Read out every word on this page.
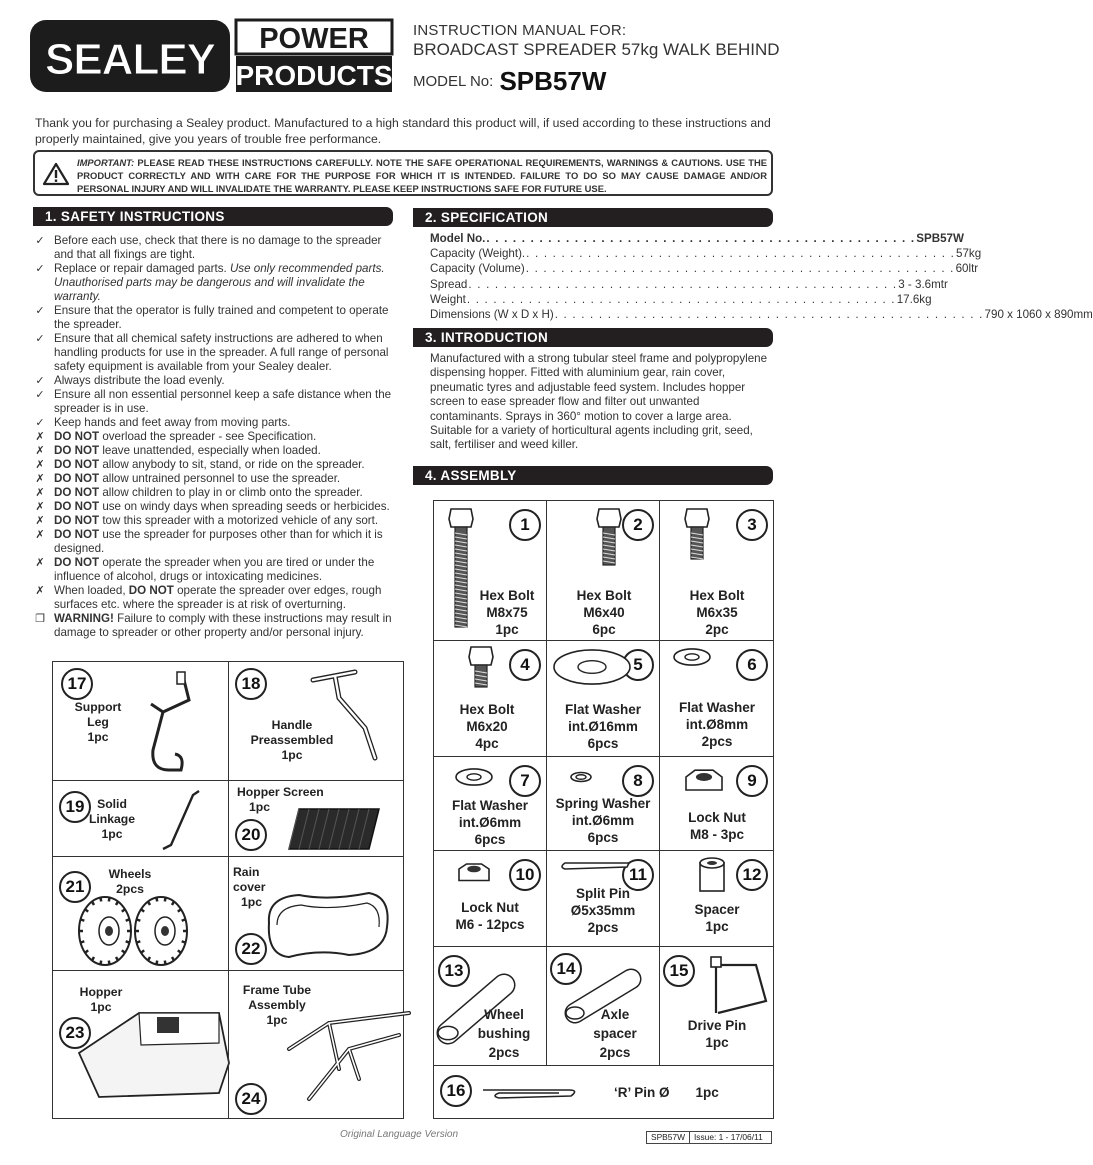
SEALEY POWER
PRODUCTS
INSTRUCTION MANUAL FOR:
BROADCAST SPREADER 57kg WALK BEHIND
MODEL No: SPB57W
Thank you for purchasing a Sealey product. Manufactured to a high standard this product will, if used according to these instructions and properly maintained, give you years of trouble free performance.
IMPORTANT: PLEASE READ THESE INSTRUCTIONS CAREFULLY. NOTE THE SAFE OPERATIONAL REQUIREMENTS, WARNINGS & CAUTIONS. USE THE PRODUCT CORRECTLY AND WITH CARE FOR THE PURPOSE FOR WHICH IT IS INTENDED. FAILURE TO DO SO MAY CAUSE DAMAGE AND/OR PERSONAL INJURY AND WILL INVALIDATE THE WARRANTY. PLEASE KEEP INSTRUCTIONS SAFE FOR FUTURE USE.
1. SAFETY INSTRUCTIONS	2. SPECIFICATION
3. INTRODUCTION
4. ASSEMBLY
✓ Before each use, check that there is no damage to the spreader and that all fixings are tight.
✓ Replace or repair damaged parts. Use only recommended parts. Unauthorised parts may be dangerous and will invalidate the warranty.
✓ Ensure that the operator is fully trained and competent to operate the spreader.
✓ Ensure that all chemical safety instructions are adhered to when handling products for use in the spreader. A full range of personal safety equipment is available from your Sealey dealer.
✓ Always distribute the load evenly.
✓ Ensure all non essential personnel keep a safe distance when the spreader is in use.
✓ Keep hands and feet away from moving parts.
✗ DO NOT overload the spreader - see Specification.
✗ DO NOT leave unattended, especially when loaded.
✗ DO NOT allow anybody to sit, stand, or ride on the spreader.
✗ DO NOT allow untrained personnel to use the spreader.
✗ DO NOT allow children to play in or climb onto the spreader.
✗ DO NOT use on windy days when spreading seeds or herbicides.
✗ DO NOT tow this spreader with a motorized vehicle of any sort.
✗ DO NOT use the spreader for purposes other than for which it is designed.
✗ DO NOT operate the spreader when you are tired or under the influence of alcohol, drugs or intoxicating medicines.
✗ When loaded, DO NOT operate the spreader over edges, rough surfaces etc. where the spreader is at risk of overturning.
❐ WARNING! Failure to comply with these instructions may result in damage to spreader or other property and/or personal injury.
Model No. . . . . . . . . . . . . . . . . . . . . . . . . . . . . . . . . . . . . . . . . . . . . . . . . . SPB57W
Capacity (Weight). . . . . . . . . . . . . . . . . . . . . . . . . . . . . . . . . . . . . . . . . . . . . . . . . . 57kg
Capacity (Volume) . . . . . . . . . . . . . . . . . . . . . . . . . . . . . . . . . . . . . . . . . . . . . . . . . 60ltr
Spread . . . . . . . . . . . . . . . . . . . . . . . . . . . . . . . . . . . . . . . . . . . . . . . . . 3 - 3.6mtr
Weight . . . . . . . . . . . . . . . . . . . . . . . . . . . . . . . . . . . . . . . . . . . . . . . . . 17.6kg
Dimensions (W x D x H) . . . . . . . . . . . . . . . . . . . . . . . . . . . . . . . . . . . . . . . . . . . . . . . . . 790 x 1060 x 890mm
Manufactured with a strong tubular steel frame and polypropylene dispensing hopper. Fitted with aluminium gear, rain cover, pneumatic tyres and adjustable feed system. Includes hopper screen to ease spreader flow and filter out unwanted contaminants. Sprays in 360° motion to cover a large area. Suitable for a variety of horticultural agents including grit, seed, salt, fertiliser and weed killer.
1
Hex Bolt
M8x75
1pc
2
Hex Bolt
M6x40
6pc
3
Hex Bolt
M6x35
2pc
4
Hex Bolt
M6x20
4pc
5
Flat Washer
int.Ø16mm
6pcs
6
Flat Washer
int.Ø8mm
2pcs
7
Flat Washer
int.Ø6mm
6pcs
8
Spring Washer
int.Ø6mm
6pcs
9
Lock Nut
M8 - 3pc
10
Lock Nut
M6 - 12pcs
11
Split Pin
Ø5x35mm
2pcs
12
Spacer
1pc
13
Wheel
bushing
2pcs
14
Axle
spacer
2pcs
15
Drive Pin
1pc
16	‘R’ Pin Ø 1pc
17
Support
Leg
1pc
18
Handle
Preassembled
1pc
19	Solid
Linkage
1pc	20
Hopper Screen
1pc
21
Wheels
2pcs
22
Rain
cover
1pc
23
Hopper
1pc
24
Frame Tube
Assembly
1pc
Original Language Version	SPB57W	Issue: 1 - 17/06/11
